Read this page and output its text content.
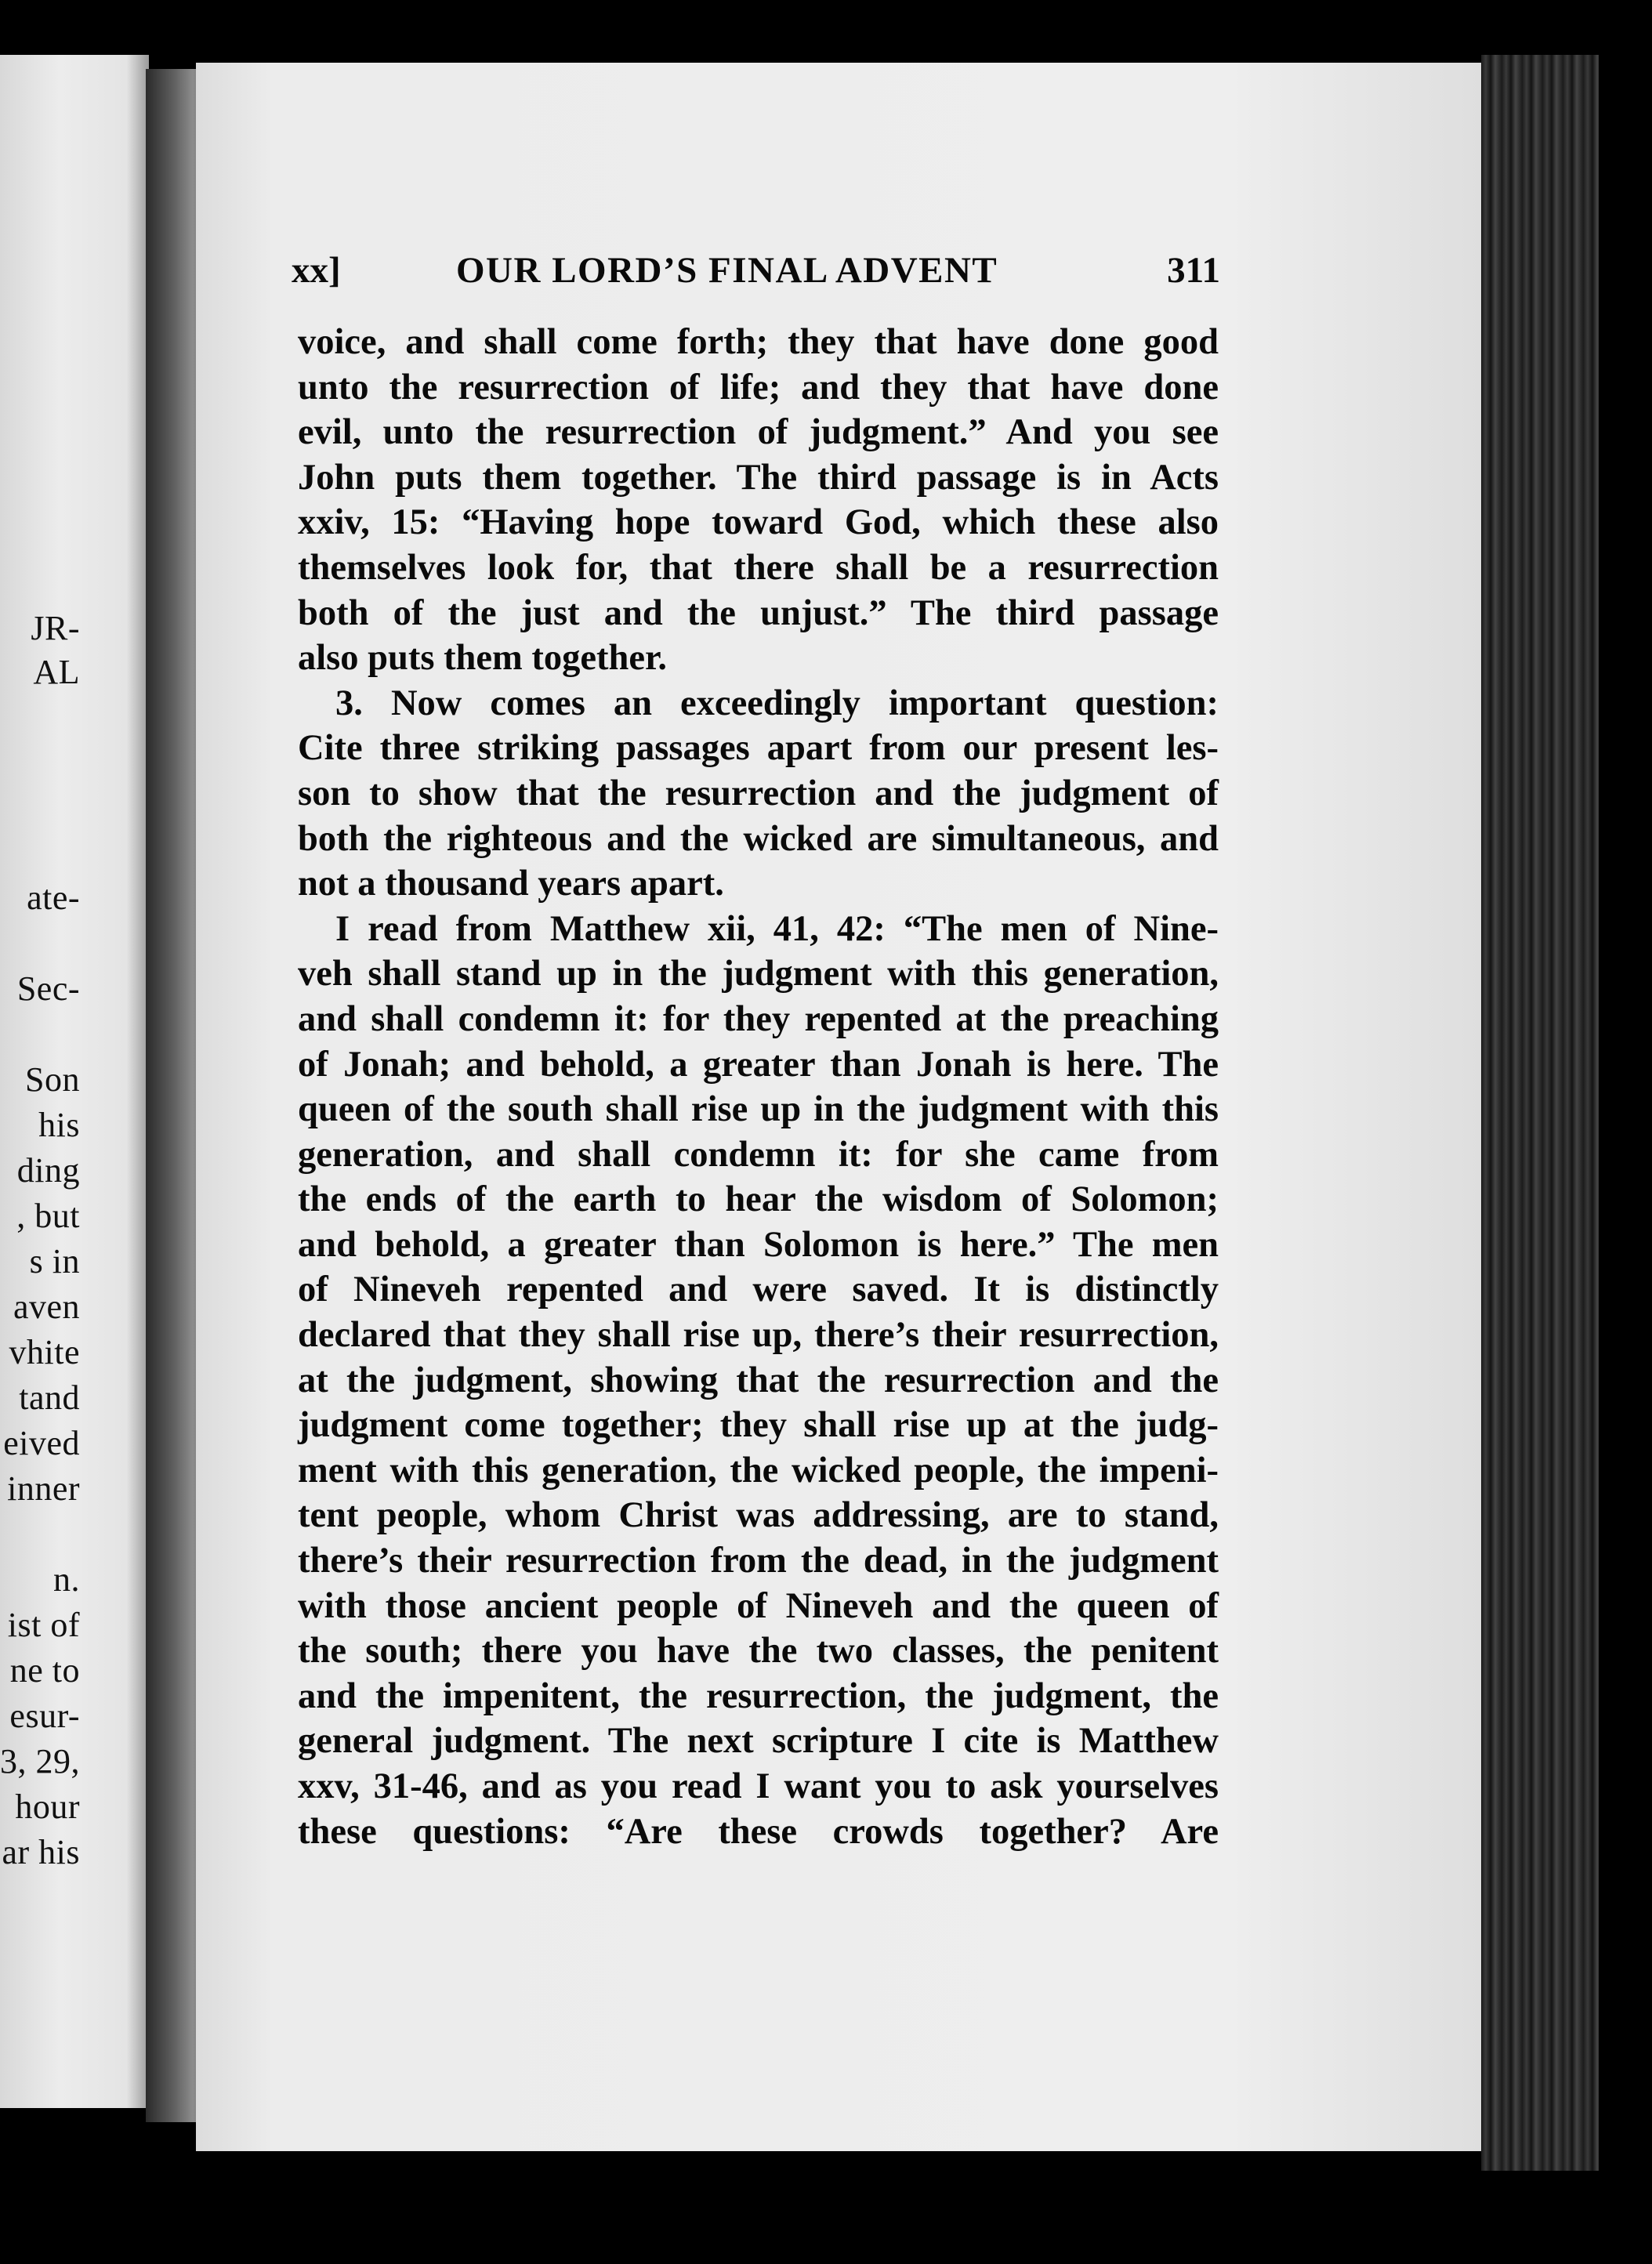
JR-
AL
ate-
Sec-
Son
his
ding
, but
s in
aven
vhite
tand
eived
inner
n.
ist of
ne to
esur-
3, 29,
hour
ar his
xx]	OUR LORD’S FINAL ADVENT	311
voice, and shall come forth; they that have done good
unto the resurrection of life; and they that have done
evil, unto the resurrection of judgment.” And you see
John puts them together. The third passage is in Acts
xxiv, 15: “Having hope toward God, which these also
themselves look for, that there shall be a resurrection
both of the just and the unjust.” The third passage
also puts them together.
3. Now comes an exceedingly important question:
Cite three striking passages apart from our present les-
son to show that the resurrection and the judgment of
both the righteous and the wicked are simultaneous, and
not a thousand years apart.
I read from Matthew xii, 41, 42: “The men of Nine-
veh shall stand up in the judgment with this generation,
and shall condemn it: for they repented at the preaching
of Jonah; and behold, a greater than Jonah is here. The
queen of the south shall rise up in the judgment with this
generation, and shall condemn it: for she came from
the ends of the earth to hear the wisdom of Solomon;
and behold, a greater than Solomon is here.” The men
of Nineveh repented and were saved. It is distinctly
declared that they shall rise up, there’s their resurrection,
at the judgment, showing that the resurrection and the
judgment come together; they shall rise up at the judg-
ment with this generation, the wicked people, the impeni-
tent people, whom Christ was addressing, are to stand,
there’s their resurrection from the dead, in the judgment
with those ancient people of Nineveh and the queen of
the south; there you have the two classes, the penitent
and the impenitent, the resurrection, the judgment, the
general judgment. The next scripture I cite is Matthew
xxv, 31-46, and as you read I want you to ask yourselves
these questions: “Are these crowds together? Are
